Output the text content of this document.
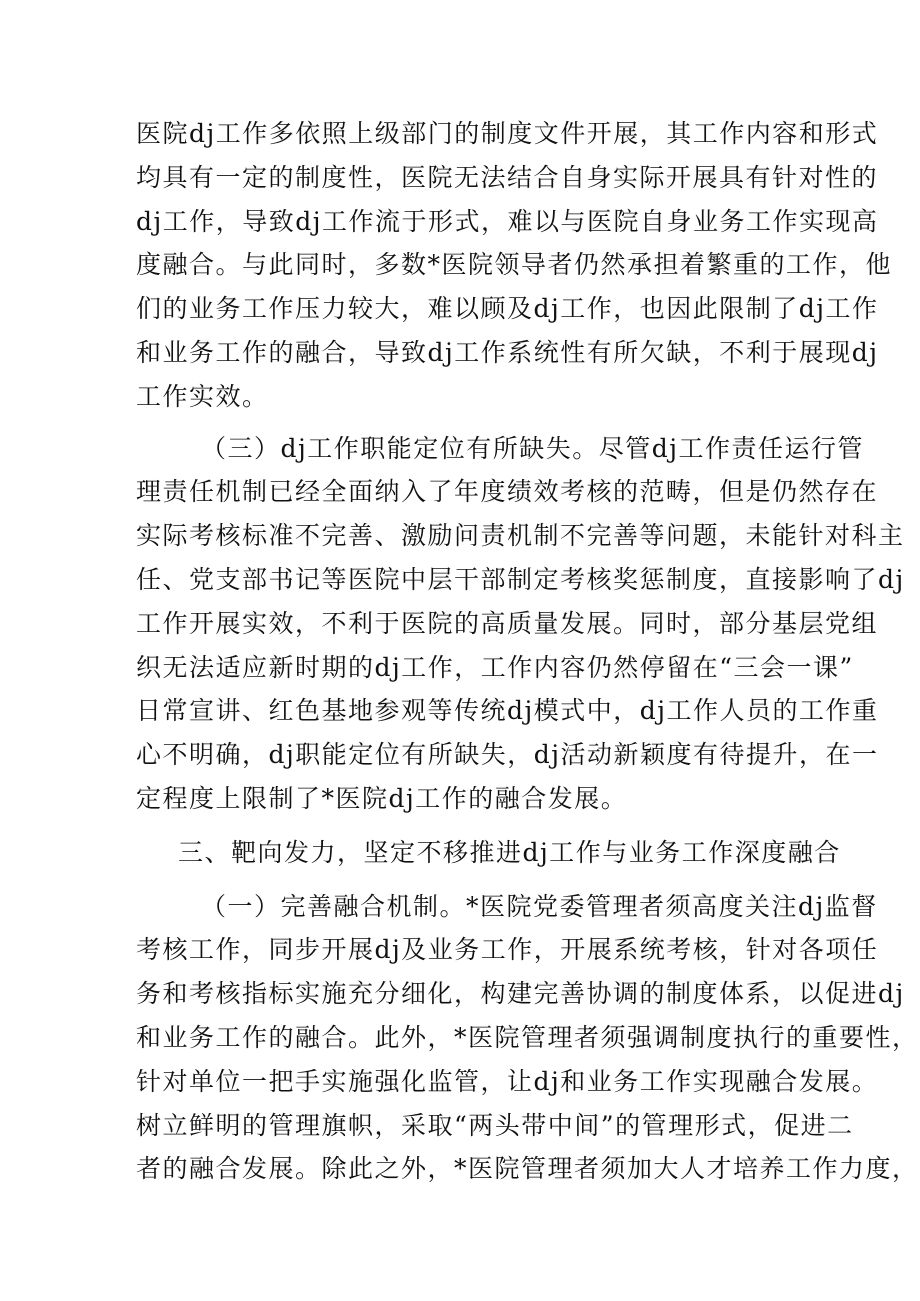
医院dj工作多依照上级部门的制度文件开展，其工作内容和形式
均具有一定的制度性，医院无法结合自身实际开展具有针对性的
dj工作，导致dj工作流于形式，难以与医院自身业务工作实现高
度融合。与此同时，多数*医院领导者仍然承担着繁重的工作，他
们的业务工作压力较大，难以顾及dj工作，也因此限制了dj工作
和业务工作的融合，导致dj工作系统性有所欠缺，不利于展现dj
工作实效。
（三）dj工作职能定位有所缺失。尽管dj工作责任运行管
理责任机制已经全面纳入了年度绩效考核的范畴，但是仍然存在
实际考核标准不完善、激励问责机制不完善等问题，未能针对科主
任、党支部书记等医院中层干部制定考核奖惩制度，直接影响了dj
工作开展实效，不利于医院的高质量发展。同时，部分基层党组
织无法适应新时期的dj工作，工作内容仍然停留在“三会一课”
日常宣讲、红色基地参观等传统dj模式中，dj工作人员的工作重
心不明确，dj职能定位有所缺失，dj活动新颖度有待提升，在一
定程度上限制了*医院dj工作的融合发展。
三、靶向发力，坚定不移推进dj工作与业务工作深度融合
（一）完善融合机制。*医院党委管理者须高度关注dj监督
考核工作，同步开展dj及业务工作，开展系统考核，针对各项任
务和考核指标实施充分细化，构建完善协调的制度体系，以促进dj
和业务工作的融合。此外，*医院管理者须强调制度执行的重要性，
针对单位一把手实施强化监管，让dj和业务工作实现融合发展。
树立鲜明的管理旗帜，采取“两头带中间”的管理形式，促进二
者的融合发展。除此之外，*医院管理者须加大人才培养工作力度，
